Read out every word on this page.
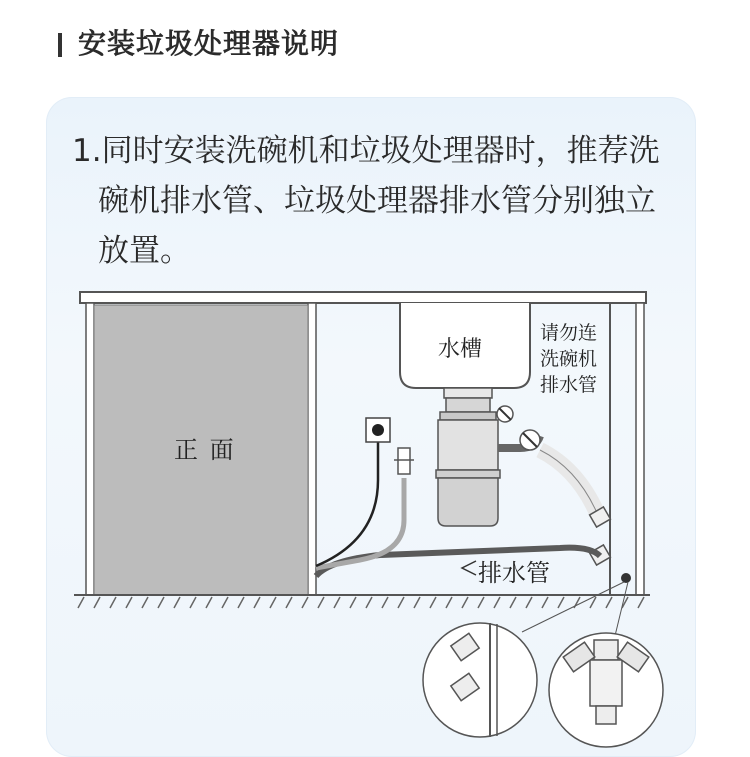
安装垃圾处理器说明
1.同时安装洗碗机和垃圾处理器时，推荐洗
碗机排水管、垃圾处理器排水管分别独立
放置。
正 面
水槽
请勿连
洗碗机
排水管
排水管
